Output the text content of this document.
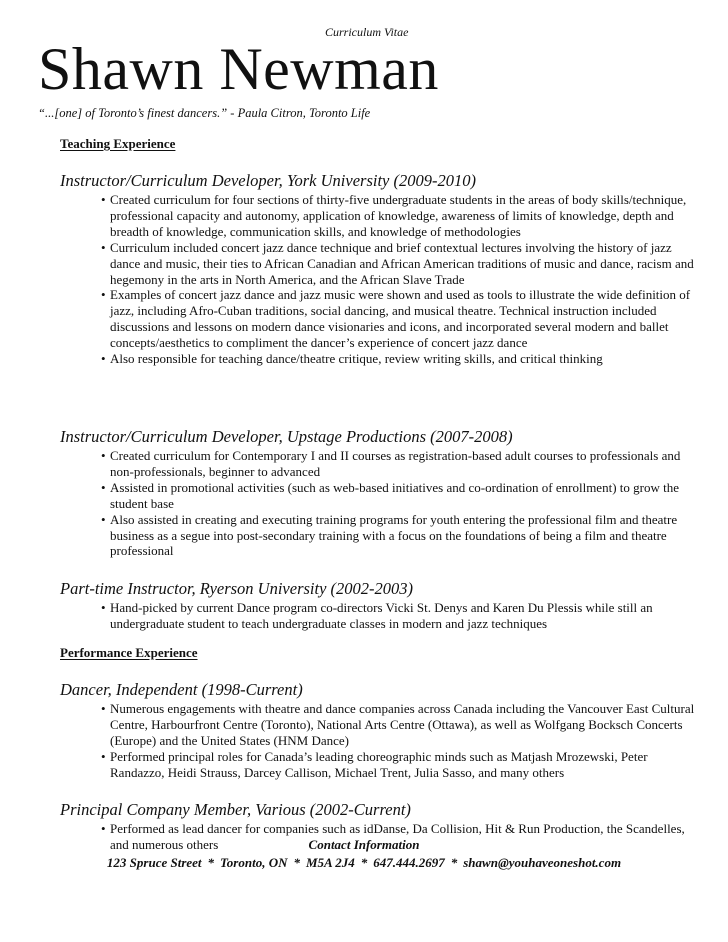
Curriculum Vitae
Shawn Newman
“...[one] of Toronto’s finest dancers.” - Paula Citron, Toronto Life
Teaching Experience
Instructor/Curriculum Developer, York University (2009-2010)
• Created curriculum for four sections of thirty-five undergraduate students in the areas of body skills/technique, professional capacity and autonomy, application of knowledge, awareness of limits of knowledge, depth and breadth of knowledge, communication skills, and knowledge of methodologies
• Curriculum included concert jazz dance technique and brief contextual lectures involving the history of jazz dance and music, their ties to African Canadian and African American traditions of music and dance, racism and hegemony in the arts in North America, and the African Slave Trade
• Examples of concert jazz dance and jazz music were shown and used as tools to illustrate the wide definition of jazz, including Afro-Cuban traditions, social dancing, and musical theatre. Technical instruction included discussions and lessons on modern dance visionaries and icons, and incorporated several modern and ballet concepts/aesthetics to compliment the dancer’s experience of concert jazz dance
• Also responsible for teaching dance/theatre critique, review writing skills, and critical thinking
Instructor/Curriculum Developer, Upstage Productions (2007-2008)
• Created curriculum for Contemporary I and II courses as registration-based adult courses to professionals and non-professionals, beginner to advanced
• Assisted in promotional activities (such as web-based initiatives and co-ordination of enrollment) to grow the student base
• Also assisted in creating and executing training programs for youth entering the professional film and theatre business as a segue into post-secondary training with a focus on the foundations of being a film and theatre professional
Part-time Instructor, Ryerson University (2002-2003)
• Hand-picked by current Dance program co-directors Vicki St. Denys and Karen Du Plessis while still an undergraduate student to teach undergraduate classes in modern and jazz techniques
Performance Experience
Dancer, Independent (1998-Current)
• Numerous engagements with theatre and dance companies across Canada including the Vancouver East Cultural Centre, Harbourfront Centre (Toronto), National Arts Centre (Ottawa), as well as Wolfgang Bocksch Concerts (Europe) and the United States (HNM Dance)
• Performed principal roles for Canada’s leading choreographic minds such as Matjash Mrozewski, Peter Randazzo, Heidi Strauss, Darcey Callison, Michael Trent, Julia Sasso, and many others
Principal Company Member, Various (2002-Current)
• Performed as lead dancer for companies such as idDanse, Da Collision, Hit & Run Production, the Scandelles, and numerous others	Contact Information
123 Spruce Street * Toronto, ON * M5A 2J4 * 647.444.2697 * shawn@youhaveoneshot.com
